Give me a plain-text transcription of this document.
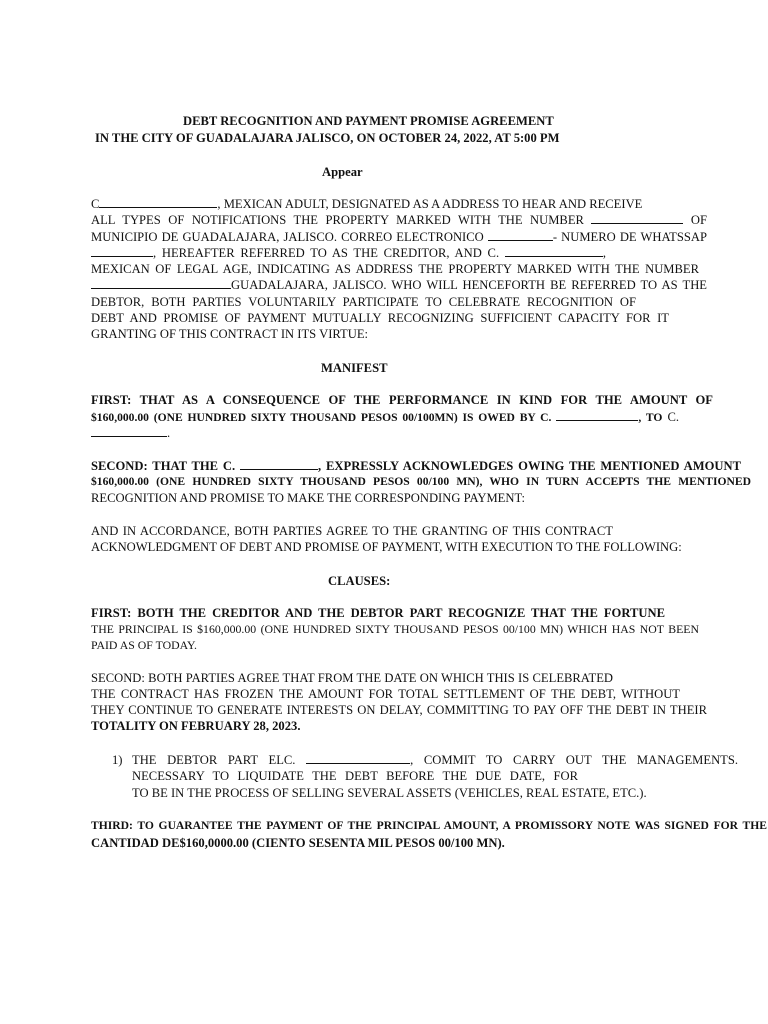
DEBT RECOGNITION AND PAYMENT PROMISE AGREEMENT
IN THE CITY OF GUADALAJARA JALISCO, ON OCTOBER 24, 2022, AT 5:00 PM
Appear
C	, MEXICAN ADULT, DESIGNATED AS A ADDRESS TO HEAR AND RECEIVE
ALL TYPES OF NOTIFICATIONS THE PROPERTY MARKED WITH THE NUMBER	OF
MUNICIPIO DE GUADALAJARA, JALISCO. CORREO ELECTRONICO	- NUMERO DE WHATSSAP
, HEREAFTER REFERRED TO AS THE CREDITOR, AND C.	,
MEXICAN OF LEGAL AGE, INDICATING AS ADDRESS THE PROPERTY MARKED WITH THE NUMBER
GUADALAJARA, JALISCO. WHO WILL HENCEFORTH BE REFERRED TO AS THE
DEBTOR, BOTH PARTIES VOLUNTARILY PARTICIPATE TO CELEBRATE RECOGNITION OF
DEBT AND PROMISE OF PAYMENT MUTUALLY RECOGNIZING SUFFICIENT CAPACITY FOR IT
GRANTING OF THIS CONTRACT IN ITS VIRTUE:
MANIFEST
FIRST: THAT AS A CONSEQUENCE OF THE PERFORMANCE IN KIND FOR THE AMOUNT OF
$160,000.00 (ONE HUNDRED SIXTY THOUSAND PESOS 00/100MN) IS OWED BY C.	, TO C.
.
SECOND: THAT THE C.	, EXPRESSLY ACKNOWLEDGES OWING THE MENTIONED AMOUNT
$160,000.00 (ONE HUNDRED SIXTY THOUSAND PESOS 00/100 MN), WHO IN TURN ACCEPTS THE MENTIONED
RECOGNITION AND PROMISE TO MAKE THE CORRESPONDING PAYMENT:
AND IN ACCORDANCE, BOTH PARTIES AGREE TO THE GRANTING OF THIS CONTRACT
ACKNOWLEDGMENT OF DEBT AND PROMISE OF PAYMENT, WITH EXECUTION TO THE FOLLOWING:
CLAUSES:
FIRST: BOTH THE CREDITOR AND THE DEBTOR PART RECOGNIZE THAT THE FORTUNE
THE PRINCIPAL IS $160,000.00 (ONE HUNDRED SIXTY THOUSAND PESOS 00/100 MN) WHICH HAS NOT BEEN
PAID AS OF TODAY.
SECOND: BOTH PARTIES AGREE THAT FROM THE DATE ON WHICH THIS IS CELEBRATED
THE CONTRACT HAS FROZEN THE AMOUNT FOR TOTAL SETTLEMENT OF THE DEBT, WITHOUT
THEY CONTINUE TO GENERATE INTERESTS ON DELAY, COMMITTING TO PAY OFF THE DEBT IN THEIR
TOTALITY ON FEBRUARY 28, 2023.
1) THE DEBTOR PART ELC.	, COMMIT TO CARRY OUT THE MANAGEMENTS.
NECESSARY TO LIQUIDATE THE DEBT BEFORE THE DUE DATE, FOR
TO BE IN THE PROCESS OF SELLING SEVERAL ASSETS (VEHICLES, REAL ESTATE, ETC.).
THIRD: TO GUARANTEE THE PAYMENT OF THE PRINCIPAL AMOUNT, A PROMISSORY NOTE WAS SIGNED FOR THE
CANTIDAD DE$160,0000.00 (CIENTO SESENTA MIL PESOS 00/100 MN).
